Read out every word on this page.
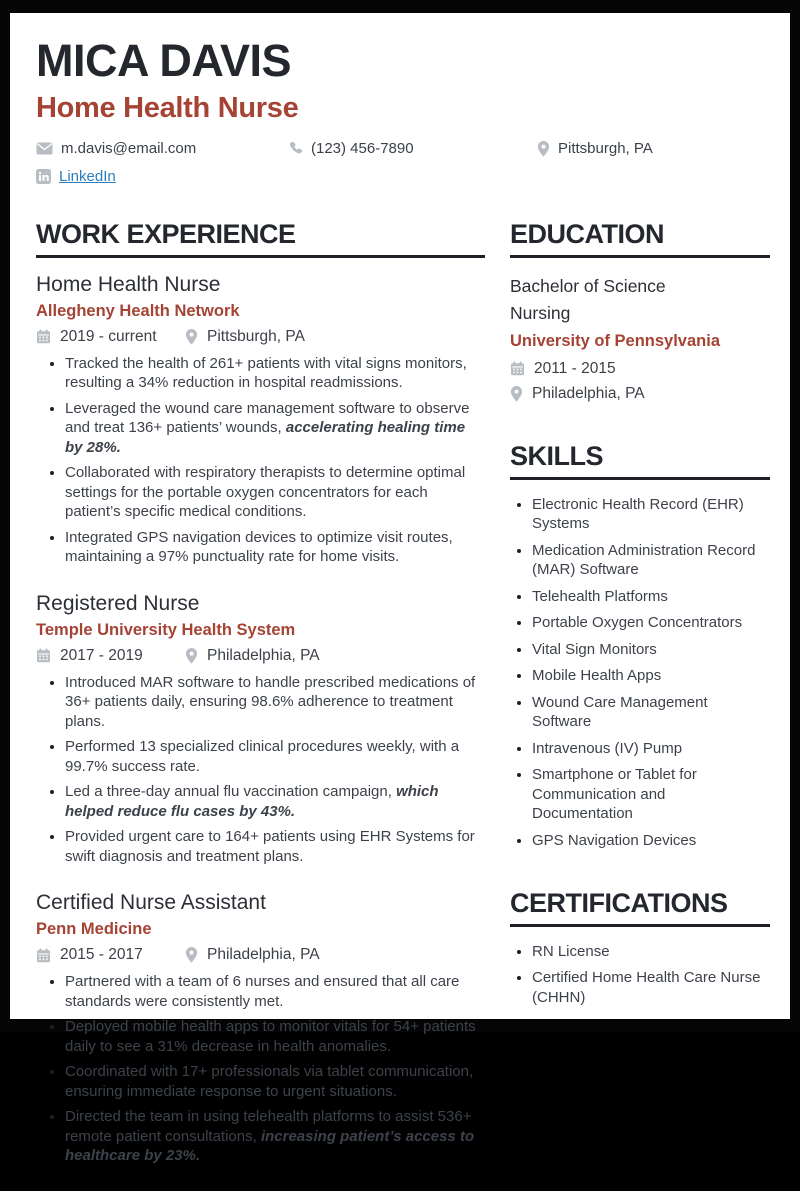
MICA DAVIS
Home Health Nurse
m.davis@email.com	(123) 456-7890	Pittsburgh, PA
LinkedIn
WORK EXPERIENCE
Home Health Nurse
Allegheny Health Network
2019 - current	Pittsburgh, PA
• Tracked the health of 261+ patients with vital signs monitors, resulting a 34% reduction in hospital readmissions.
• Leveraged the wound care management software to observe and treat 136+ patients’ wounds, accelerating healing time by 28%.
• Collaborated with respiratory therapists to determine optimal settings for the portable oxygen concentrators for each patient’s specific medical conditions.
• Integrated GPS navigation devices to optimize visit routes, maintaining a 97% punctuality rate for home visits.
Registered Nurse
Temple University Health System
2017 - 2019	Philadelphia, PA
• Introduced MAR software to handle prescribed medications of 36+ patients daily, ensuring 98.6% adherence to treatment plans.
• Performed 13 specialized clinical procedures weekly, with a 99.7% success rate.
• Led a three-day annual flu vaccination campaign, which helped reduce flu cases by 43%.
• Provided urgent care to 164+ patients using EHR Systems for swift diagnosis and treatment plans.
Certified Nurse Assistant
Penn Medicine
2015 - 2017	Philadelphia, PA
• Partnered with a team of 6 nurses and ensured that all care standards were consistently met.
• Deployed mobile health apps to monitor vitals for 54+ patients daily to see a 31% decrease in health anomalies.
• Coordinated with 17+ professionals via tablet communication, ensuring immediate response to urgent situations.
• Directed the team in using telehealth platforms to assist 536+ remote patient consultations, increasing patient’s access to healthcare by 23%.
EDUCATION
Bachelor of Science
Nursing
University of Pennsylvania
2011 - 2015
Philadelphia, PA
SKILLS
• Electronic Health Record (EHR) Systems
• Medication Administration Record (MAR) Software
• Telehealth Platforms
• Portable Oxygen Concentrators
• Vital Sign Monitors
• Mobile Health Apps
• Wound Care Management Software
• Intravenous (IV) Pump
• Smartphone or Tablet for Communication and Documentation
• GPS Navigation Devices
CERTIFICATIONS
• RN License
• Certified Home Health Care Nurse (CHHN)
